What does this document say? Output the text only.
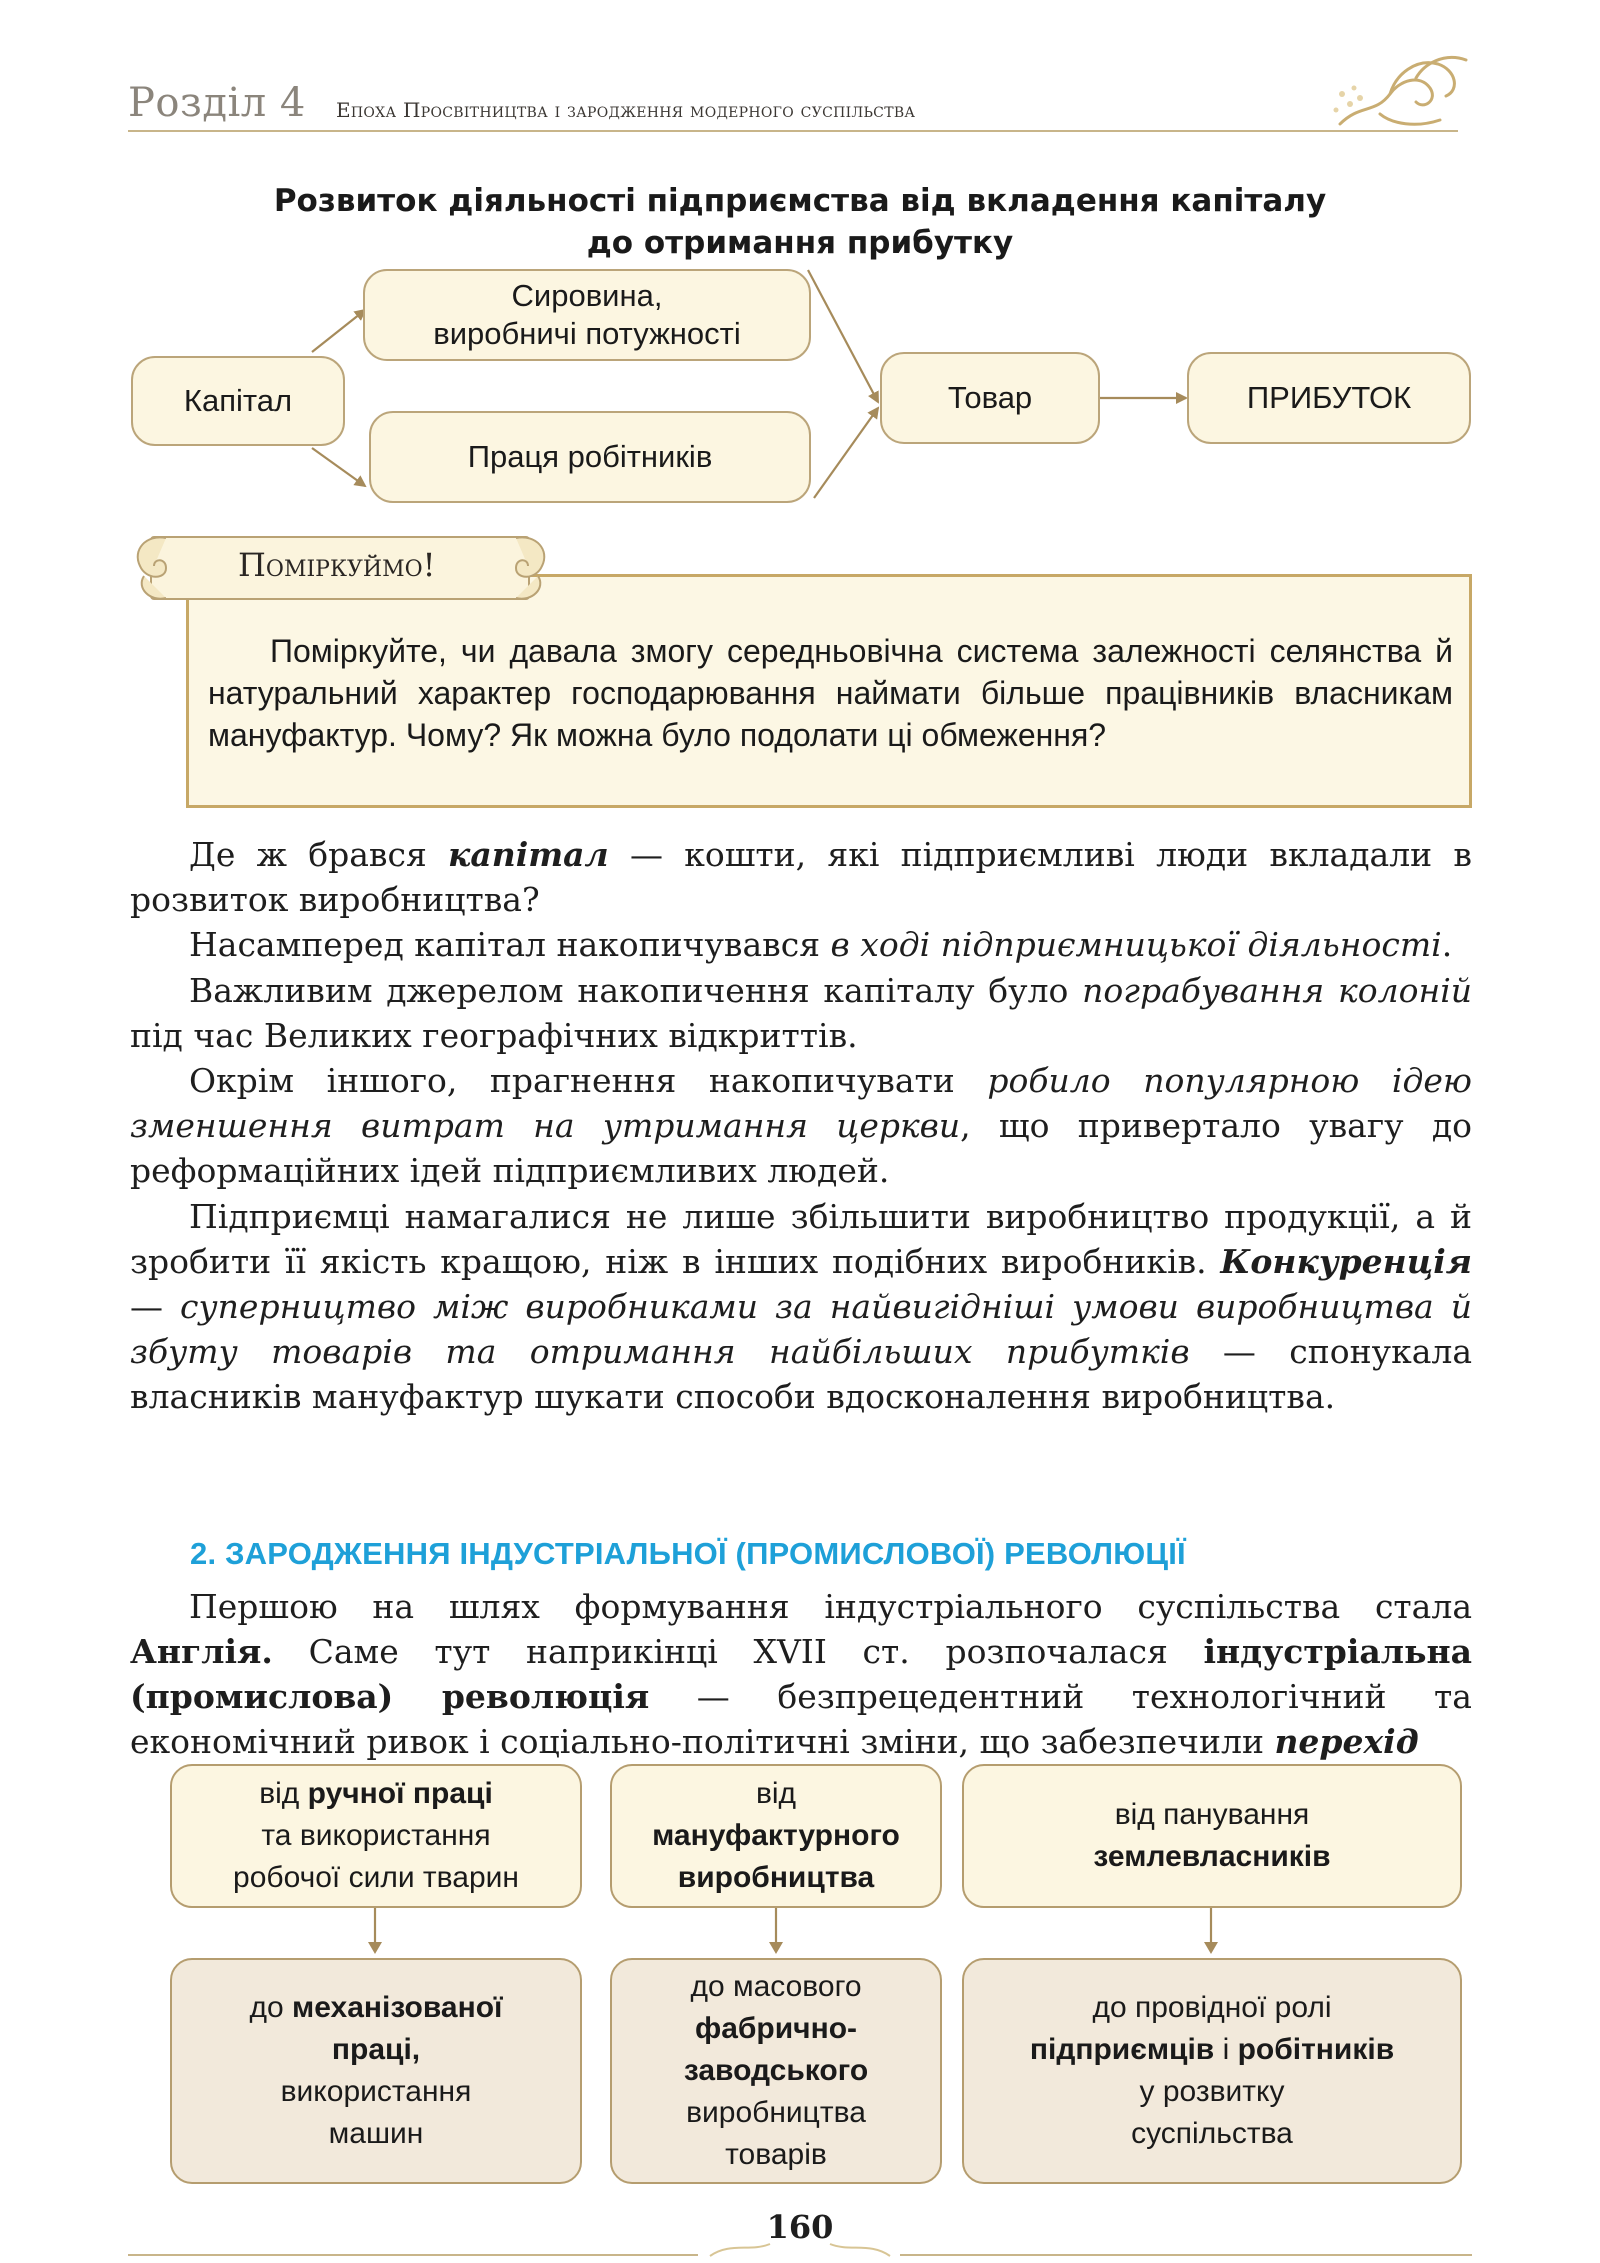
Розділ 4 Епоха Просвітництва і зародження модерного суспільства
Розвиток діяльності підприємства від вкладення капіталу
до отримання прибутку
Капітал
Сировина,
виробничі потужності
Праця робітників
Товар	ПРИБУТОК
Поміркуйте, чи давала змогу середньовічна система залежності селянства й натуральний характер господарювання наймати більше працівників власникам мануфактур. Чому? Як можна було подолати ці обмеження?
Поміркуймо!

Де ж брався капітал — кошти, які підприємливі люди вкладали в розвиток виробництва?

Насамперед капітал накопичувався в ході підприємницької діяльності.

Важливим джерелом накопичення капіталу було пограбування колоній під час Великих географічних відкриттів.

Окрім іншого, прагнення накопичувати робило популярною ідею зменшення витрат на утримання церкви, що привертало увагу до реформаційних ідей підприємливих людей.

Підприємці намагалися не лише збільшити виробництво продукції, а й зробити її якість кращою, ніж в інших подібних виробників. Конкуренція — суперництво між виробниками за найвигідніші умови виробництва й збуту товарів та отримання найбільших прибутків — спонукала власників мануфактур шукати способи вдосконалення виробництва.

2. ЗАРОДЖЕННЯ ІНДУСТРІАЛЬНОЇ (ПРОМИСЛОВОЇ) РЕВОЛЮЦІЇ

Першою на шлях формування індустріального суспільства стала Англія. Саме тут наприкінці XVII ст. розпочалася індустріальна (промислова) революція — безпрецедентний технологічний та економічний ривок і соціально-політичні зміни, що забезпечили перехід

від ручної праці
та використання
робочої сили тварин
від
мануфактурного
виробництва
від панування
землевласників
до механізованої
праці,
використання
машин
до масового
фабрично-
заводського
виробництва
товарів
до провідної ролі
підприємців і робітників
у розвитку
суспільства
160
